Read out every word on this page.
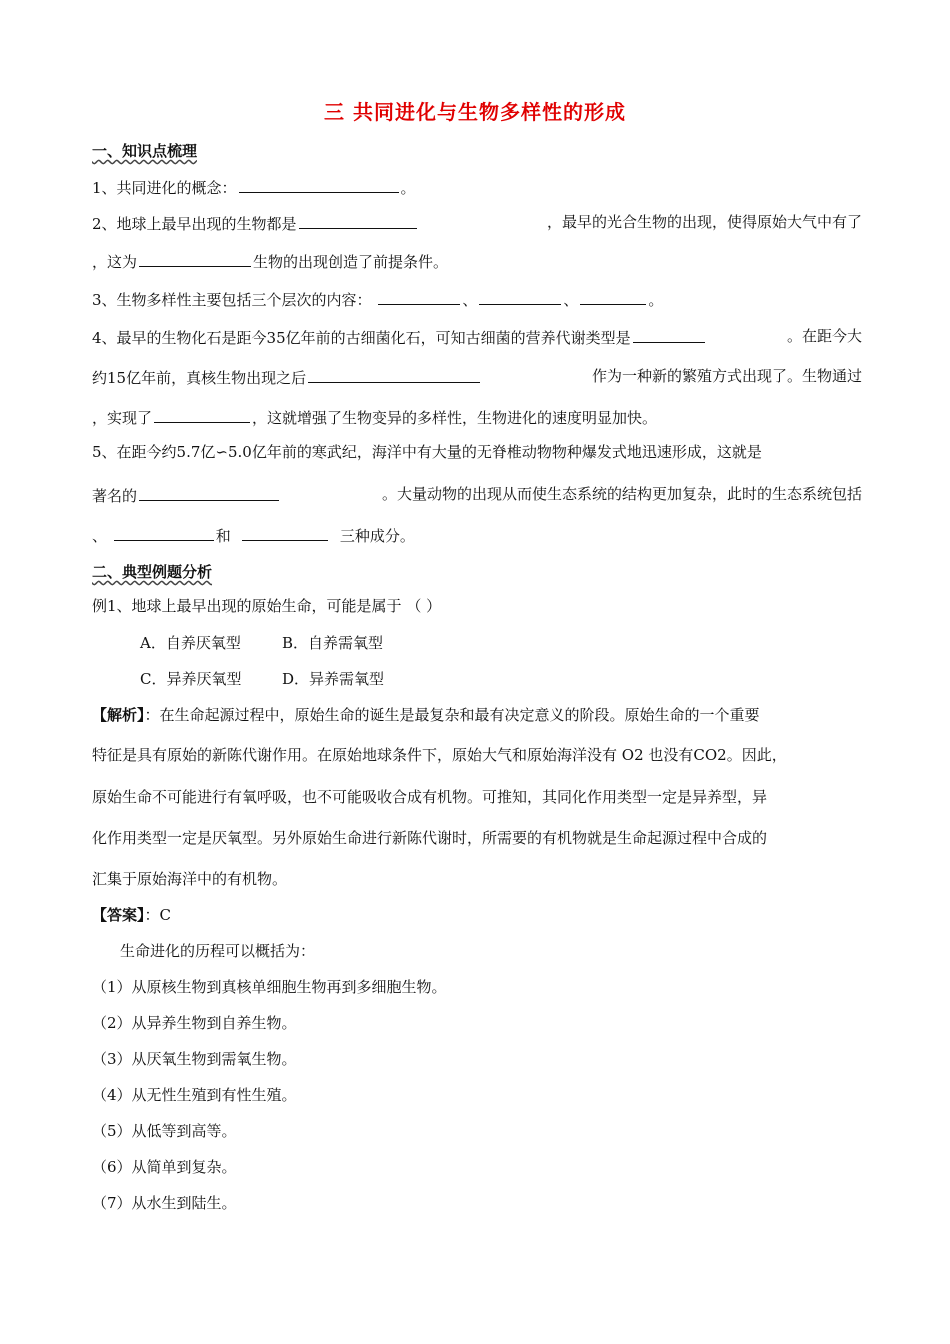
三 共同进化与生物多样性的形成
一、知识点梳理
1、共同进化的概念：	。
2、地球上最早出现的生物都是	，最早的光合生物的出现，使得原始大气中有了
，这为	生物的出现创造了前提条件。
3、生物多样性主要包括三个层次的内容：	、	、	。
4、最早的生物化石是距今35亿年前的古细菌化石，可知古细菌的营养代谢类型是	。在距今大
约15亿年前，真核生物出现之后	作为一种新的繁殖方式出现了。生物通过
，实现了	，这就增强了生物变异的多样性，生物进化的速度明显加快。
5、在距今约5.7亿∽5.0亿年前的寒武纪，海洋中有大量的无脊椎动物物种爆发式地迅速形成，这就是
著名的	。大量动物的出现从而使生态系统的结构更加复杂，此时的生态系统包括
、	和	三种成分。
二、典型例题分析
例1、地球上最早出现的原始生命，可能是属于 （ ）
A．自养厌氧型	B．自养需氧型
C．异养厌氧型	D．异养需氧型
【解析】：在生命起源过程中，原始生命的诞生是最复杂和最有决定意义的阶段。原始生命的一个重要
特征是具有原始的新陈代谢作用。在原始地球条件下，原始大气和原始海洋没有 O2 也没有CO2。因此，
原始生命不可能进行有氧呼吸，也不可能吸收合成有机物。可推知，其同化作用类型一定是异养型，异
化作用类型一定是厌氧型。另外原始生命进行新陈代谢时，所需要的有机物就是生命起源过程中合成的
汇集于原始海洋中的有机物。
【答案】：C
生命进化的历程可以概括为：
（1）从原核生物到真核单细胞生物再到多细胞生物。
（2）从异养生物到自养生物。
（3）从厌氧生物到需氧生物。
（4）从无性生殖到有性生殖。
（5）从低等到高等。
（6）从简单到复杂。
（7）从水生到陆生。
